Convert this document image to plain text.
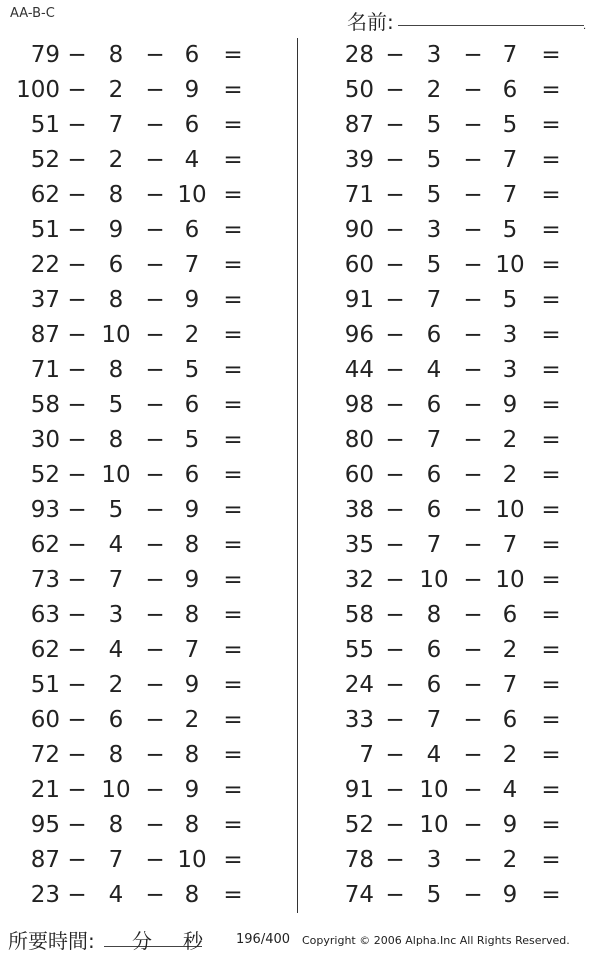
AA-B-C	名前:	.
79 − 8 − 6	=
100 − 2 − 9	=
51 − 7 − 6	=
52 − 2 − 4	=
62 − 8 − 10 =
51 − 9 − 6	=
22 − 6 − 7	=
37 − 8 − 9	=
87 − 10 − 2	=
71 − 8 − 5	=
58 − 5 − 6	=
30 − 8 − 5	=
52 − 10 − 6	=
93 − 5 − 9	=
62 − 4 − 8	=
73 − 7 − 9	=
63 − 3 − 8	=
62 − 4 − 7	=
51 − 2 − 9	=
60 − 6 − 2	=
72 − 8 − 8	=
21 − 10 − 9	=
95 − 8 − 8	=
87 − 7 − 10 =
23 − 4 − 8	=
28 − 3 − 7	=
50 − 2 − 6	=
87 − 5 − 5	=
39 − 5 − 7	=
71 − 5 − 7	=
90 − 3 − 5	=
60 − 5 − 10 =
91 − 7 − 5	=
96 − 6 − 3	=
44 − 4 − 3	=
98 − 6 − 9	=
80 − 7 − 2	=
60 − 6 − 2	=
38 − 6 − 10 =
35 − 7 − 7	=
32 − 10 − 10 =
58 − 8 − 6	=
55 − 6 − 2	=
24 − 6 − 7	=
33 − 7 − 6	=
7 − 4 − 2	=
91 − 10 − 4	=
52 − 10 − 9	=
78 − 3 − 2	=
74 − 5 − 9	=
所要時間: 分 秒	196/400 Copyright © 2006 Alpha.Inc All Rights Reserved.
